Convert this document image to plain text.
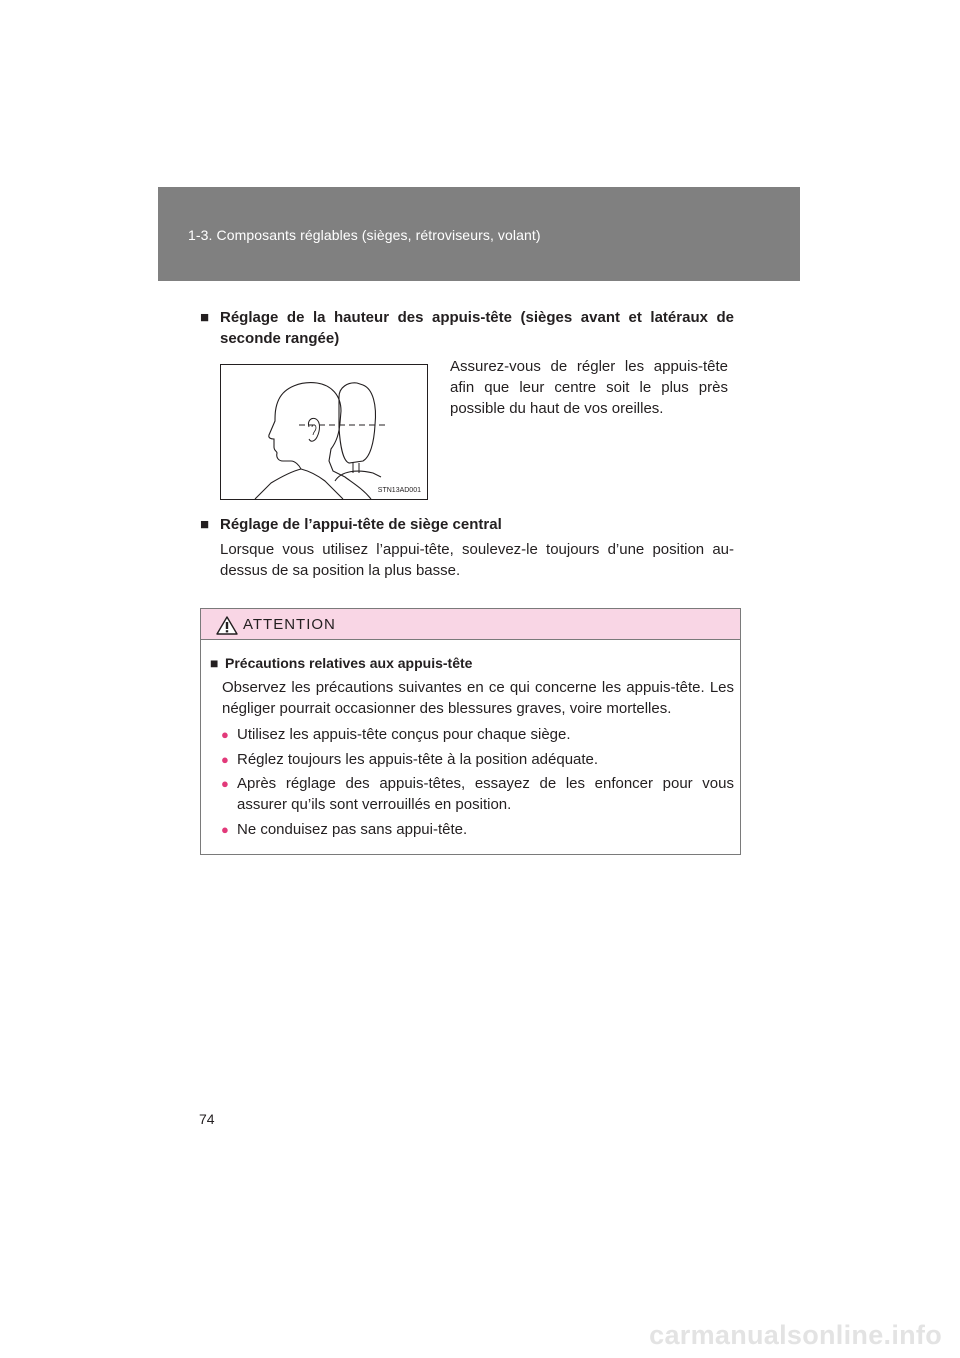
1-3. Composants réglables (sièges, rétroviseurs, volant)
■ Réglage de la hauteur des appuis-tête (sièges avant et latéraux de seconde rangée)
STN13AD001
Assurez-vous de régler les appuis-tête afin que leur centre soit le plus près possible du haut de vos oreilles.
■ Réglage de l’appui-tête de siège central
Lorsque vous utilisez l’appui-tête, soulevez-le toujours d’une position au-dessus de sa position la plus basse.
ATTENTION
■ Précautions relatives aux appuis-tête
Observez les précautions suivantes en ce qui concerne les appuis-tête. Les négliger pourrait occasionner des blessures graves, voire mortelles.
● Utilisez les appuis-tête conçus pour chaque siège.
● Réglez toujours les appuis-tête à la position adéquate.
● Après réglage des appuis-têtes, essayez de les enfoncer pour vous assurer qu’ils sont verrouillés en position.
● Ne conduisez pas sans appui-tête.
74
carmanualsonline.info
